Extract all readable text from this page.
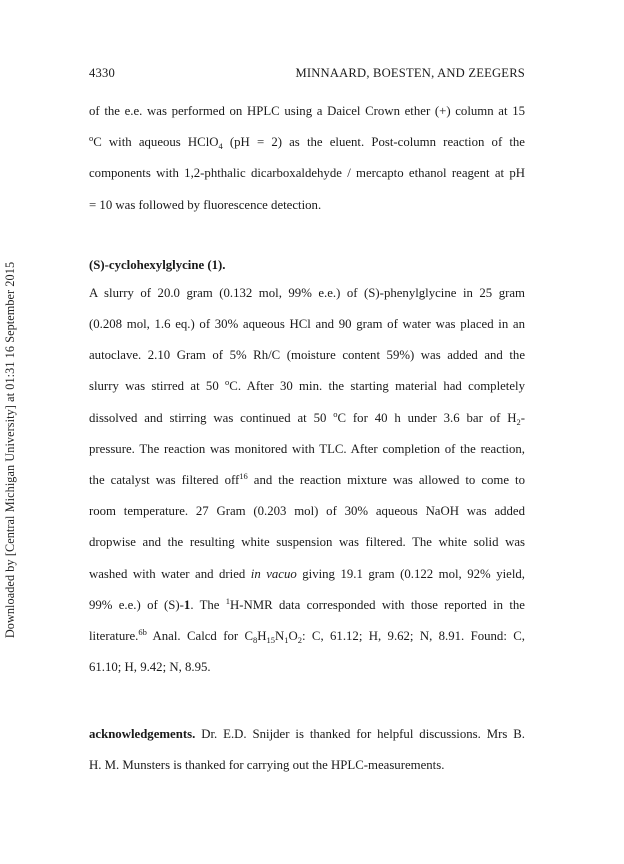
Downloaded by [Central Michigan University] at 01:31 16 September 2015
4330	MINNAARD, BOESTEN, AND ZEEGERS

of the e.e. was performed on HPLC using a Daicel Crown ether (+) column at 15

$^o$C with aqueous HClO$_4$ (pH = 2) as the eluent. Post-column reaction of the

components with 1,2-phthalic dicarboxaldehyde / mercapto ethanol reagent at pH

= 10 was followed by fluorescence detection.

(S)-cyclohexylglycine (1).

A slurry of 20.0 gram (0.132 mol, 99% e.e.) of (S)-phenylglycine in 25 gram

(0.208 mol, 1.6 eq.) of 30% aqueous HCl and 90 gram of water was placed in an

autoclave. 2.10 Gram of 5% Rh/C (moisture content 59%) was added and the

slurry was stirred at 50 $^o$C. After 30 min. the starting material had completely

dissolved and stirring was continued at 50 $^o$C for 40 h under 3.6 bar of $H_2-$

pressure. The reaction was monitored with TLC. After completion of the reaction,

the catalyst was filtered off$^{16}$ and the reaction mixture was allowed to come to

room temperature. 27 Gram (0.203 mol) of 30% aqueous NaOH was added

dropwise and the resulting white suspension was filtered. The white solid was

washed with water and dried in vacuo giving 19.1 gram (0.122 mol, 92% yield,

99% e.e.) of (S)-1. The $^1$H-NMR data corresponded with those reported in the

literature.$^{6b}$ Anal. Calcd for $C_8H_{15}N_1O_2$: C, 61.12; H, 9.62; N, 8.91. Found: C,

61.10; H, 9.42; N, 8.95.

acknowledgements. Dr. E.D. Snijder is thanked for helpful discussions. Mrs B.

H. M. Munsters is thanked for carrying out the HPLC-measurements.
